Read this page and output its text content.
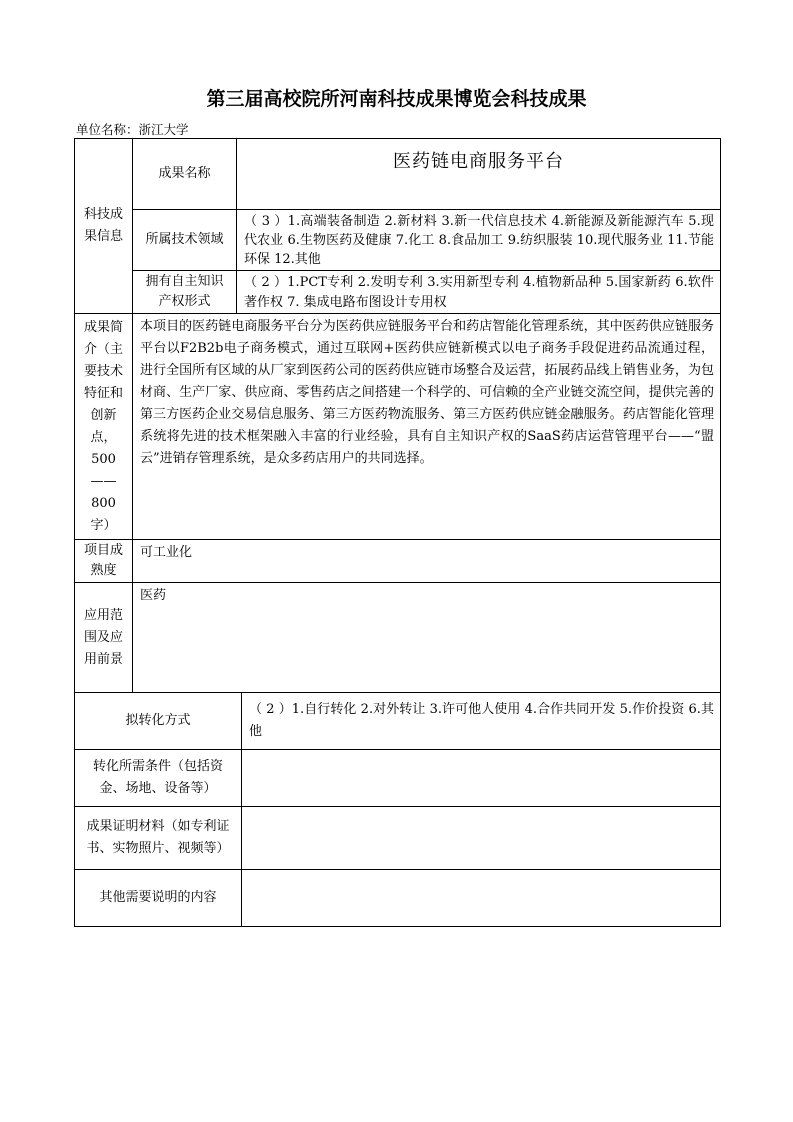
第三届高校院所河南科技成果博览会科技成果
单位名称：浙江大学
科技成果信息
成果名称
医药链电商服务平台
所属技术领域
（ 3 ）1.高端装备制造 2.新材料 3.新一代信息技术 4.新能源及新能源汽车 5.现代农业 6.生物医药及健康 7.化工 8.食品加工 9.纺织服装 10.现代服务业 11.节能环保 12.其他
拥有自主知识产权形式
（ 2 ）1.PCT专利 2.发明专利 3.实用新型专利 4.植物新品种 5.国家新药 6.软件著作权 7. 集成电路布图设计专用权
成果简介（主要技术特征和创新点，500——800字）
本项目的医药链电商服务平台分为医药供应链服务平台和药店智能化管理系统，其中医药供应链服务平台以F2B2b电子商务模式，通过互联网+医药供应链新模式以电子商务手段促进药品流通过程，进行全国所有区域的从厂家到医药公司的医药供应链市场整合及运营，拓展药品线上销售业务，为包材商、生产厂家、供应商、零售药店之间搭建一个科学的、可信赖的全产业链交流空间，提供完善的第三方医药企业交易信息服务、第三方医药物流服务、第三方医药供应链金融服务。药店智能化管理系统将先进的技术框架融入丰富的行业经验，具有自主知识产权的SaaS药店运营管理平台——“盟云”进销存管理系统，是众多药店用户的共同选择。
项目成熟度
可工业化
应用范围及应用前景
医药
拟转化方式
（ 2 ）1.自行转化 2.对外转让 3.许可他人使用 4.合作共同开发 5.作价投资 6.其他
转化所需条件（包括资金、场地、设备等）
成果证明材料（如专利证书、实物照片、视频等）
其他需要说明的内容
